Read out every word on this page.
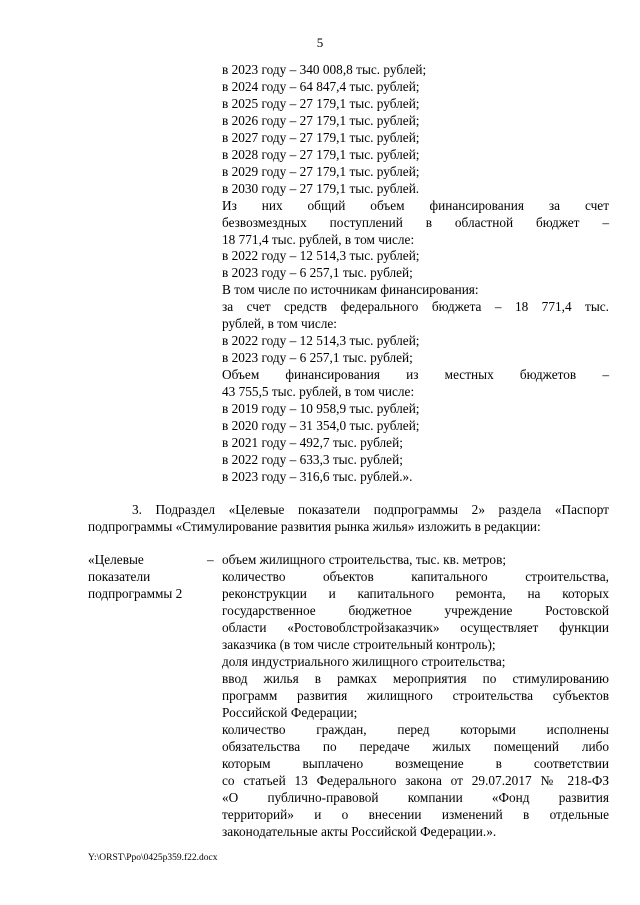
5
в 2023 году – 340 008,8 тыс. рублей;
в 2024 году – 64 847,4 тыс. рублей;
в 2025 году – 27 179,1 тыс. рублей;
в 2026 году – 27 179,1 тыс. рублей;
в 2027 году – 27 179,1 тыс. рублей;
в 2028 году – 27 179,1 тыс. рублей;
в 2029 году – 27 179,1 тыс. рублей;
в 2030 году – 27 179,1 тыс. рублей.
Из них общий объем финансирования за счет
безвозмездных поступлений в областной бюджет –
18 771,4 тыс. рублей, в том числе:
в 2022 году – 12 514,3 тыс. рублей;
в 2023 году – 6 257,1 тыс. рублей;
В том числе по источникам финансирования:
за счет средств федерального бюджета – 18 771,4 тыс.
рублей, в том числе:
в 2022 году – 12 514,3 тыс. рублей;
в 2023 году – 6 257,1 тыс. рублей;
Объем финансирования из местных бюджетов –
43 755,5 тыс. рублей, в том числе:
в 2019 году – 10 958,9 тыс. рублей;
в 2020 году – 31 354,0 тыс. рублей;
в 2021 году – 492,7 тыс. рублей;
в 2022 году – 633,3 тыс. рублей;
в 2023 году – 316,6 тыс. рублей.».
3. Подраздел «Целевые показатели подпрограммы 2» раздела «Паспорт
подпрограммы «Стимулирование развития рынка жилья» изложить в редакции:
«Целевые
показатели
подпрограммы 2
– объем жилищного строительства, тыс. кв. метров;
количество объектов капитального строительства,
реконструкции и капитального ремонта, на которых
государственное бюджетное учреждение Ростовской
области «Ростовоблстройзаказчик» осуществляет функции
заказчика (в том числе строительный контроль);
доля индустриального жилищного строительства;
ввод жилья в рамках мероприятия по стимулированию
программ развития жилищного строительства субъектов
Российской Федерации;
количество граждан, перед которыми исполнены
обязательства по передаче жилых помещений либо
которым выплачено возмещение в соответствии
со статьей 13 Федерального закона от 29.07.2017 № 218-ФЗ
«О публично-правовой компании «Фонд развития
территорий» и о внесении изменений в отдельные
законодательные акты Российской Федерации.».
Y:\ORST\Ppo\0425p359.f22.docx
